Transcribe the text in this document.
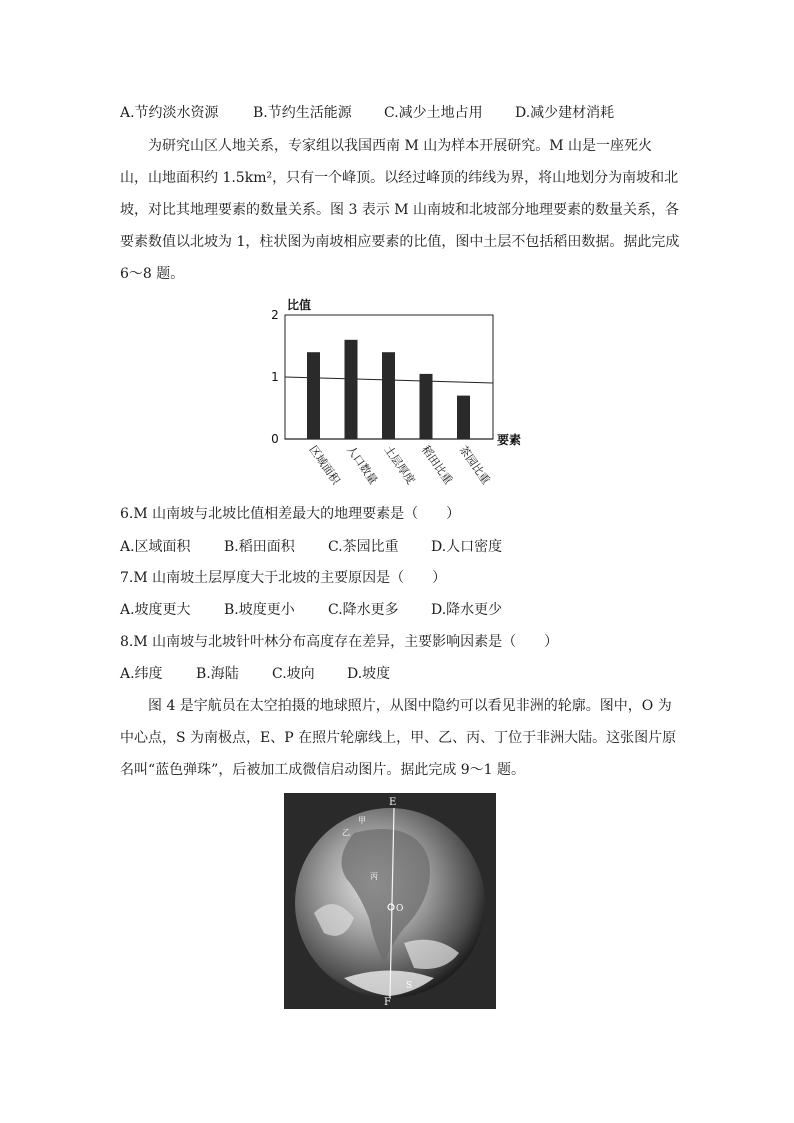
A.节约淡水资源 B.节约生活能源 C.减少土地占用 D.减少建材消耗
为研究山区人地关系，专家组以我国西南 M 山为样本开展研究。M 山是一座死火山，山地面积约 1.5km²，只有一个峰顶。以经过峰顶的纬线为界，将山地划分为南坡和北坡，对比其地理要素的数量关系。图 3 表示 M 山南坡和北坡部分地理要素的数量关系，各要素数值以北坡为 1，柱状图为南坡相应要素的比值，图中土层不包括稻田数据。据此完成 6～8 题。
0
1
2
区域面积 人口数量 土层厚度 稻田比重 茶园比重
比值
要素
6.M 山南坡与北坡比值相差最大的地理要素是（　　）
A.区域面积 B.稻田面积 C.茶园比重 D.人口密度
7.M 山南坡土层厚度大于北坡的主要原因是（　　）
A.坡度更大 B.坡度更小 C.降水更多 D.降水更少
8.M 山南坡与北坡针叶林分布高度存在差异，主要影响因素是（　　）
A.纬度 B.海陆 C.坡向 D.坡度
图 4 是宇航员在太空拍摄的地球照片，从图中隐约可以看见非洲的轮廓。图中，O 为中心点，S 为南极点，E、P 在照片轮廓线上，甲、乙、丙、丁位于非洲大陆。这张图片原名叫“蓝色弹珠”，后被加工成微信启动图片。据此完成 9～1 题。
E
F
O
S
丙
乙
甲
